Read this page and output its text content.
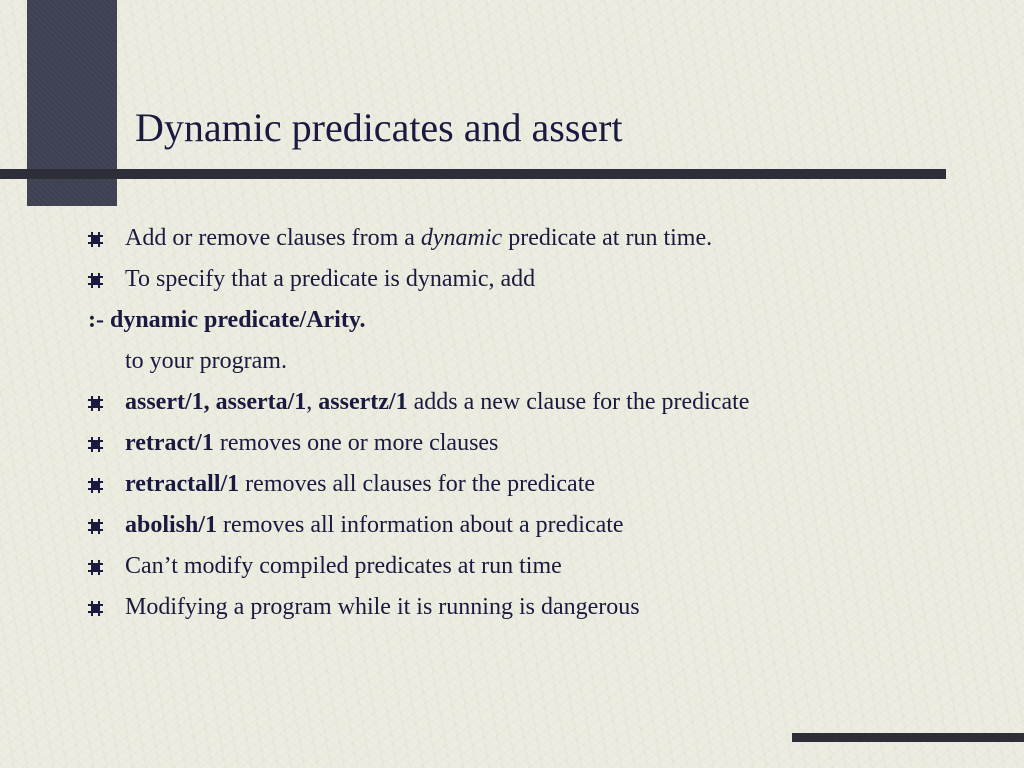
Dynamic predicates and assert
Add or remove clauses from a dynamic predicate at run time.
To specify that a predicate is dynamic, add
:- dynamic predicate/Arity.
to your program.
assert/1, asserta/1, assertz/1 adds a new clause for the predicate
retract/1 removes one or more clauses
retractall/1 removes all clauses for the predicate
abolish/1 removes all information about a predicate
Can’t modify compiled predicates at run time
Modifying a program while it is running is dangerous
